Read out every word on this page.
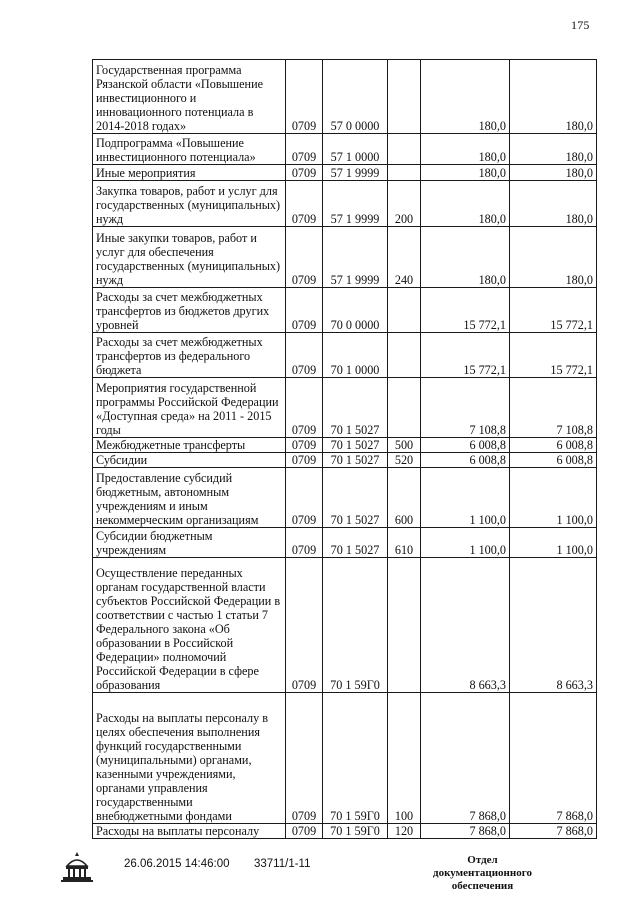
175
Государственная программа Рязанской области «Повышение инвестиционного и инновационного потенциала в 2014-2018 годах»	0709	57 0 0000		180,0	180,0
Подпрограмма «Повышение инвестиционного потенциала»	0709	57 1 0000		180,0	180,0
Иные мероприятия	0709	57 1 9999		180,0	180,0
Закупка товаров, работ и услуг для государственных (муниципальных) нужд	0709	57 1 9999	200	180,0	180,0
Иные закупки товаров, работ и услуг для обеспечения государственных (муниципальных) нужд	0709	57 1 9999	240	180,0	180,0
Расходы за счет межбюджетных трансфертов из бюджетов других уровней	0709	70 0 0000		15 772,1	15 772,1
Расходы за счет межбюджетных трансфертов из федерального бюджета	0709	70 1 0000		15 772,1	15 772,1
Мероприятия государственной программы Российской Федерации «Доступная среда» на 2011 - 2015 годы	0709	70 1 5027		7 108,8	7 108,8
Межбюджетные трансферты	0709	70 1 5027	500	6 008,8	6 008,8
Субсидии	0709	70 1 5027	520	6 008,8	6 008,8
Предоставление субсидий бюджетным, автономным учреждениям и иным некоммерческим организациям	0709	70 1 5027	600	1 100,0	1 100,0
Субсидии бюджетным учреждениям	0709	70 1 5027	610	1 100,0	1 100,0
Осуществление переданных органам государственной власти субъектов Российской Федерации в соответствии с частью 1 статьи 7 Федерального закона «Об образовании в Российской Федерации» полномочий Российской Федерации в сфере образования	0709	70 1 59Г0		8 663,3	8 663,3
Расходы на выплаты персоналу в целях обеспечения выполнения функций государственными (муниципальными) органами, казенными учреждениями, органами управления государственными внебюджетными фондами	0709	70 1 59Г0	100	7 868,0	7 868,0
Расходы на выплаты персоналу	0709	70 1 59Г0	120	7 868,0	7 868,0
26.06.2015 14:46:00 33711/1-11	Отдел документационного
обеспечения
